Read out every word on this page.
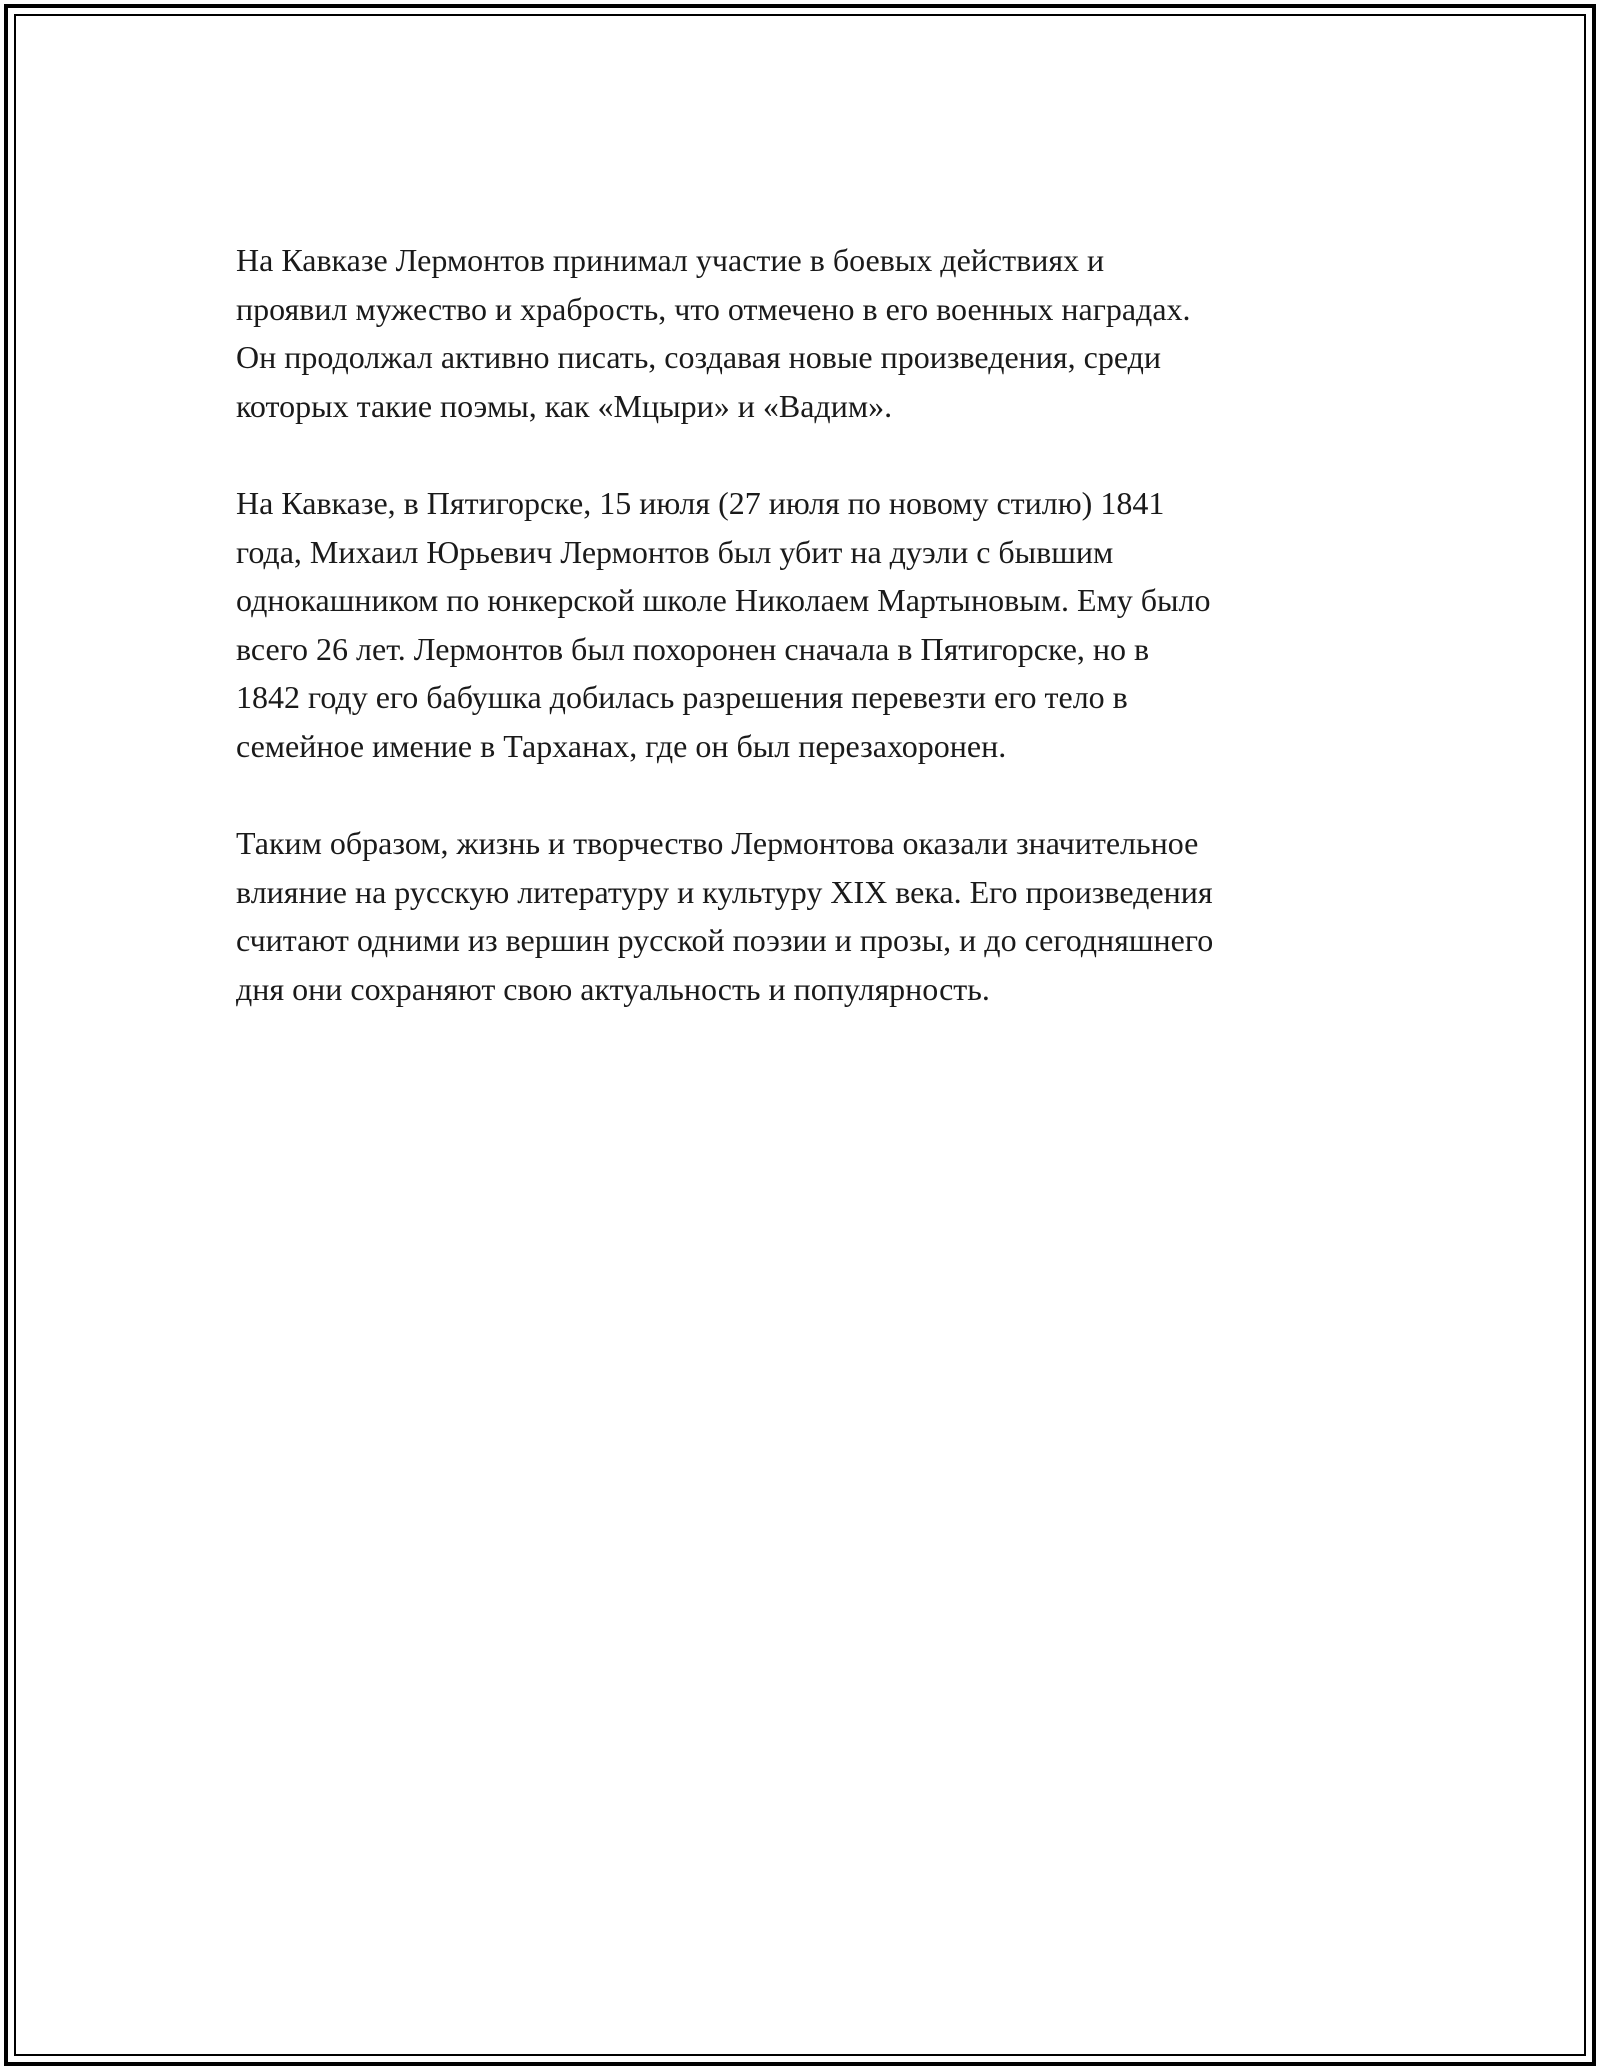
На Кавказе Лермонтов принимал участие в боевых действиях и
проявил мужество и храбрость, что отмечено в его военных наградах.
Он продолжал активно писать, создавая новые произведения, среди
которых такие поэмы, как «Мцыри» и «Вадим».

На Кавказе, в Пятигорске, 15 июля (27 июля по новому стилю) 1841
года, Михаил Юрьевич Лермонтов был убит на дуэли с бывшим
однокашником по юнкерской школе Николаем Мартыновым. Ему было
всего 26 лет. Лермонтов был похоронен сначала в Пятигорске, но в
1842 году его бабушка добилась разрешения перевезти его тело в
семейное имение в Тарханах, где он был перезахоронен.

Таким образом, жизнь и творчество Лермонтова оказали значительное
влияние на русскую литературу и культуру XIX века. Его произведения
считают одними из вершин русской поэзии и прозы, и до сегодняшнего
дня они сохраняют свою актуальность и популярность.
